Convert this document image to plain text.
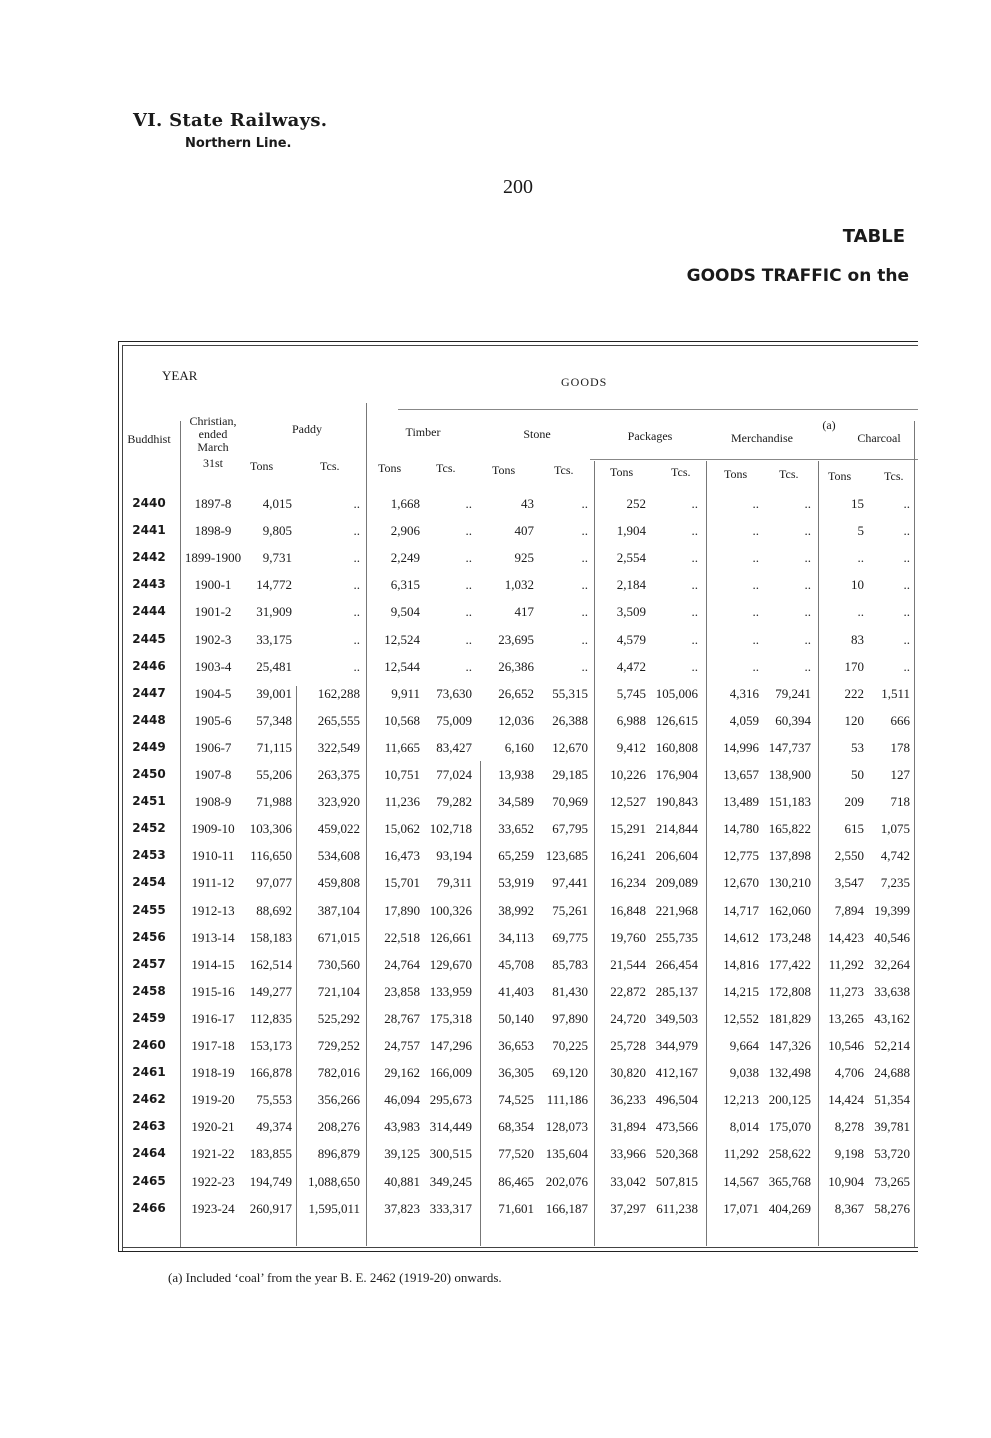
VI. State Railways.
Northern Line.
200
TABLE
GOODS TRAFFIC on the
YEAR	GOODS
Buddhist
Christian,
ended
March
31st
Paddy	Timber	Stone	Packages	Merchandise
(a)
Charcoal
Tons	Tcs.	Tons	Tcs.	Tons	Tcs.	Tons	Tcs.	Tons	Tcs. Tons	Tcs.
2440	1897-8	4,015	..	1,668	..	43	..	252	..	..	..	15	..
2441	1898-9	9,805	..	2,906	..	407	..	1,904	..	..	..	5	..
2442	1899-1900	9,731	..	2,249	..	925	..	2,554	..	..	..	..	..
2443	1900-1	14,772	..	6,315	..	1,032	..	2,184	..	..	..	10	..
2444	1901-2	31,909	..	9,504	..	417	..	3,509	..	..	..	..	..
2445	1902-3	33,175	..	12,524	..	23,695	..	4,579	..	..	..	83	..
2446	1903-4	25,481	..	12,544	..	26,386	..	4,472	..	..	..	170	..
2447	1904-5	39,001	162,288	9,911	73,630	26,652	55,315	5,745 105,006	4,316	79,241	222	1,511
2448	1905-6	57,348	265,555	10,568	75,009	12,036	26,388	6,988 126,615	4,059	60,394	120	666
2449	1906-7	71,115	322,549	11,665	83,427	6,160	12,670	9,412 160,808	14,996 147,737	53	178
2450	1907-8	55,206	263,375	10,751	77,024	13,938	29,185	10,226 176,904	13,657 138,900	50	127
2451	1908-9	71,988	323,920	11,236	79,282	34,589	70,969	12,527 190,843	13,489 151,183	209	718
2452	1909-10	103,306	459,022	15,062 102,718	33,652	67,795	15,291 214,844	14,780 165,822	615	1,075
2453	1910-11	116,650	534,608	16,473	93,194	65,259 123,685	16,241 206,604	12,775 137,898	2,550	4,742
2454	1911-12	97,077	459,808	15,701	79,311	53,919	97,441	16,234 209,089	12,670 130,210	3,547	7,235
2455	1912-13	88,692	387,104	17,890 100,326	38,992	75,261	16,848 221,968	14,717 162,060	7,894 19,399
2456	1913-14	158,183	671,015	22,518 126,661	34,113	69,775	19,760 255,735	14,612 173,248	14,423 40,546
2457	1914-15	162,514	730,560	24,764 129,670	45,708	85,783	21,544 266,454	14,816 177,422	11,292 32,264
2458	1915-16	149,277	721,104	23,858 133,959	41,403	81,430	22,872 285,137	14,215 172,808	11,273 33,638
2459	1916-17	112,835	525,292	28,767 175,318	50,140	97,890	24,720 349,503	12,552 181,829	13,265 43,162
2460	1917-18	153,173	729,252	24,757 147,296	36,653	70,225	25,728 344,979	9,664 147,326	10,546 52,214
2461	1918-19	166,878	782,016	29,162 166,009	36,305	69,120	30,820 412,167	9,038 132,498	4,706 24,688
2462	1919-20	75,553	356,266	46,094 295,673	74,525 111,186	36,233 496,504	12,213 200,125	14,424 51,354
2463	1920-21	49,374	208,276	43,983 314,449	68,354 128,073	31,894 473,566	8,014 175,070	8,278 39,781
2464	1921-22	183,855	896,879	39,125 300,515	77,520 135,604	33,966 520,368	11,292 258,622	9,198 53,720
2465	1922-23	194,749	1,088,650	40,881 349,245	86,465 202,076	33,042 507,815	14,567 365,768	10,904 73,265
2466	1923-24	260,917	1,595,011	37,823 333,317	71,601 166,187	37,297 611,238	17,071 404,269	8,367 58,276
(a) Included ‘coal’ from the year B. E. 2462 (1919-20) onwards.
